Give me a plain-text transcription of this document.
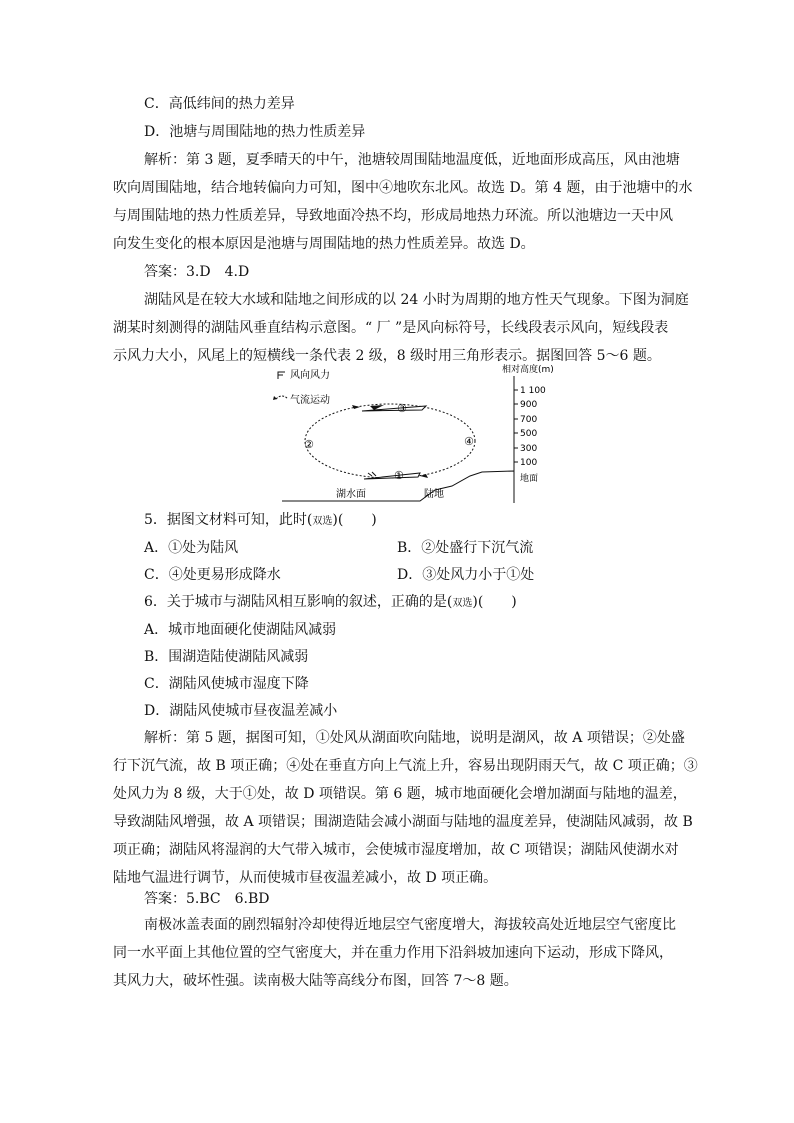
C．高低纬间的热力差异
D．池塘与周围陆地的热力性质差异
解析：第 3 题，夏季晴天的中午，池塘较周围陆地温度低，近地面形成高压，风由池塘
吹向周围陆地，结合地转偏向力可知，图中④地吹东北风。故选 D。第 4 题，由于池塘中的水
与周围陆地的热力性质差异，导致地面冷热不均，形成局地热力环流。所以池塘边一天中风
向发生变化的根本原因是池塘与周围陆地的热力性质差异。故选 D。
答案：3.D　4.D
湖陆风是在较大水域和陆地之间形成的以 24 小时为周期的地方性天气现象。下图为洞庭
湖某时刻测得的湖陆风垂直结构示意图。“ ⼚ ”是风向标符号，长线段表示风向，短线段表
示风力大小，风尾上的短横线一条代表 2 级，8 级时用三角形表示。据图回答 5～6 题。
风向风力
气流运动
③
②	④
①
湖水面	陆地
相对高度(m)
1 100
900
700
500
300
100
地面
5．据图文材料可知，此时(双选)(　　)
A．①处为陆风	B．②处盛行下沉气流
C．④处更易形成降水	D．③处风力小于①处
6．关于城市与湖陆风相互影响的叙述，正确的是(双选)(　　)
A．城市地面硬化使湖陆风减弱
B．围湖造陆使湖陆风减弱
C．湖陆风使城市湿度下降
D．湖陆风使城市昼夜温差减小
解析：第 5 题，据图可知，①处风从湖面吹向陆地，说明是湖风，故 A 项错误；②处盛
行下沉气流，故 B 项正确；④处在垂直方向上气流上升，容易出现阴雨天气，故 C 项正确；③
处风力为 8 级，大于①处，故 D 项错误。第 6 题，城市地面硬化会增加湖面与陆地的温差，
导致湖陆风增强，故 A 项错误；围湖造陆会减小湖面与陆地的温度差异，使湖陆风减弱，故 B
项正确；湖陆风将湿润的大气带入城市，会使城市湿度增加，故 C 项错误；湖陆风使湖水对
陆地气温进行调节，从而使城市昼夜温差减小，故 D 项正确。
答案：5.BC　6.BD
南极冰盖表面的剧烈辐射冷却使得近地层空气密度增大，海拔较高处近地层空气密度比
同一水平面上其他位置的空气密度大，并在重力作用下沿斜坡加速向下运动，形成下降风，
其风力大，破坏性强。读南极大陆等高线分布图，回答 7～8 题。
